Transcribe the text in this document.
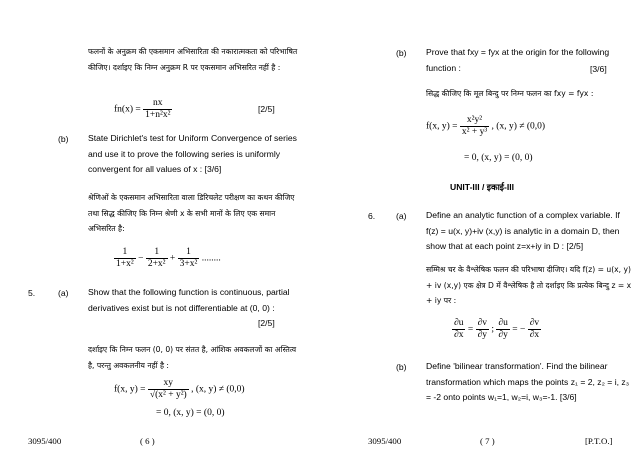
फलनों के अनुक्रम की एकसमान अभिसारिता की नकारात्मकता को परिभाषित कीजिए। दर्शाइए कि निम्न अनुक्रम R पर एकसमान अभिसरित नहीं है :
$fn(x) = \frac{nx}{\text{1+n²x²}}$	[2/5]
(b) State Dirichlet's test for Uniform Convergence of series and use it to prove the following series is uniformly convergent for all values of x : [3/6]
श्रेणिओं के एकसमान अभिसारिता वाला डिरिचलेट परीक्षण का कथन कीजिए तथा सिद्ध कीजिए कि निम्न श्रेणी x के सभी मानों के लिए एक समान अभिसरित है:
$\frac{1}{\text{1+x²}} - \frac{1}{\text{2+x²}} + \frac{1}{\text{3+x²}}$ ........
5.	(a) Show that the following function is continuous, partial derivatives exist but is not differentiable at (0, 0) :
[2/5]
दर्शाइए कि निम्न फलन (0, 0) पर संतत है, आंशिक अवकलजों का अस्तित्व है, परन्तु अवकलनीय नहीं है :
f(x, $y) = \frac{xy}{\text{√(x² + y²)}}$ , (x, y) ≠ (0,0)
= 0, (x, y) = (0, 0)
3095/400	( 6 )
(b) Prove that fxy = fyx at the origin for the following function :	[3/6]
सिद्ध कीजिए कि मूल बिन्दु पर निम्न फलन का fxy = fyx :
f(x, $y) = \frac{\text{x²y²}}{\text{x² + y³}}$ , (x, y) ≠ (0,0)
= 0, (x, y) = (0, 0)
UNIT-III / इकाई-III
6. (a) Define an analytic function of a complex variable. If f(z) = u(x, y)+iv (x,y) is analytic in a domain D, then show that at each point z=x+iy in D : [2/5]
सम्मिश्र चर के वैश्लेषिक फलन की परिभाषा दीजिए। यदि f(z) = u(x, y) + iv (x,y) एक क्षेत्र D में वैश्लेषिक है तो दर्शाइए कि प्रत्येक बिन्दु z = x + iy पर :
$\frac{\partial u}{\partial x} = \frac{\partial v}{\partial y}$ ; $\frac{\partial u}{\partial y}$ = − $\frac{\partial v}{\partial x}$
(b) Define 'bilinear transformation'. Find the bilinear transformation which maps the points z₁ = 2, z₂ = i, z₃ = -2 onto points w₁=1, w₂=i, w₃=-1. [3/6]
3095/400	( 7 )	[P.T.O.]
